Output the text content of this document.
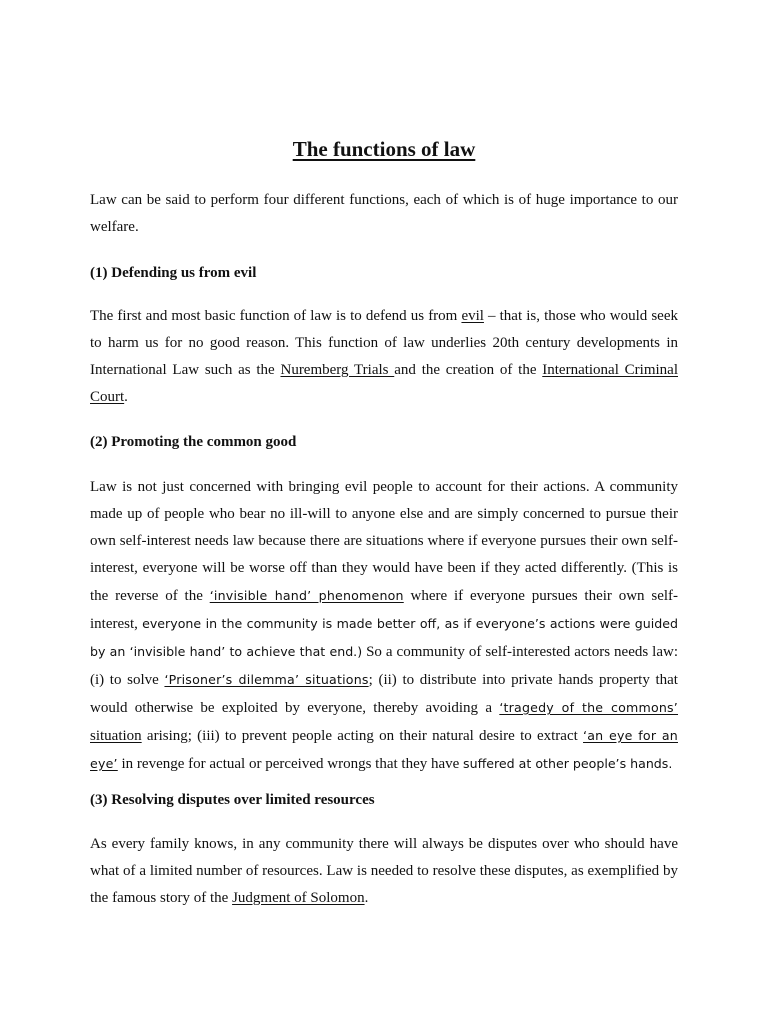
The functions of law

Law can be said to perform four different functions, each of which is of huge importance to our welfare.

(1) Defending us from evil

The first and most basic function of law is to defend us from evil – that is, those who would seek to harm us for no good reason. This function of law underlies 20th century developments in International Law such as the Nuremberg Trials and the creation of the International Criminal Court.

(2) Promoting the common good

Law is not just concerned with bringing evil people to account for their actions. A community made up of people who bear no ill-will to anyone else and are simply concerned to pursue their own self-interest needs law because there are situations where if everyone pursues their own self-interest, everyone will be worse off than they would have been if they acted differently. (This is the reverse of the ‘invisible hand’ phenomenon where if everyone pursues their own self-interest, everyone in the community is made better off, as if everyone’s actions were guided by an ‘invisible hand’ to achieve that end.) So a community of self-interested actors needs law: (i) to solve ‘Prisoner’s dilemma’ situations; (ii) to distribute into private hands property that would otherwise be exploited by everyone, thereby avoiding a ‘tragedy of the commons’ situation arising; (iii) to prevent people acting on their natural desire to extract ‘an eye for an eye’ in revenge for actual or perceived wrongs that they have suffered at other people’s hands.

(3) Resolving disputes over limited resources

As every family knows, in any community there will always be disputes over who should have what of a limited number of resources. Law is needed to resolve these disputes, as exemplified by the famous story of the Judgment of Solomon.
